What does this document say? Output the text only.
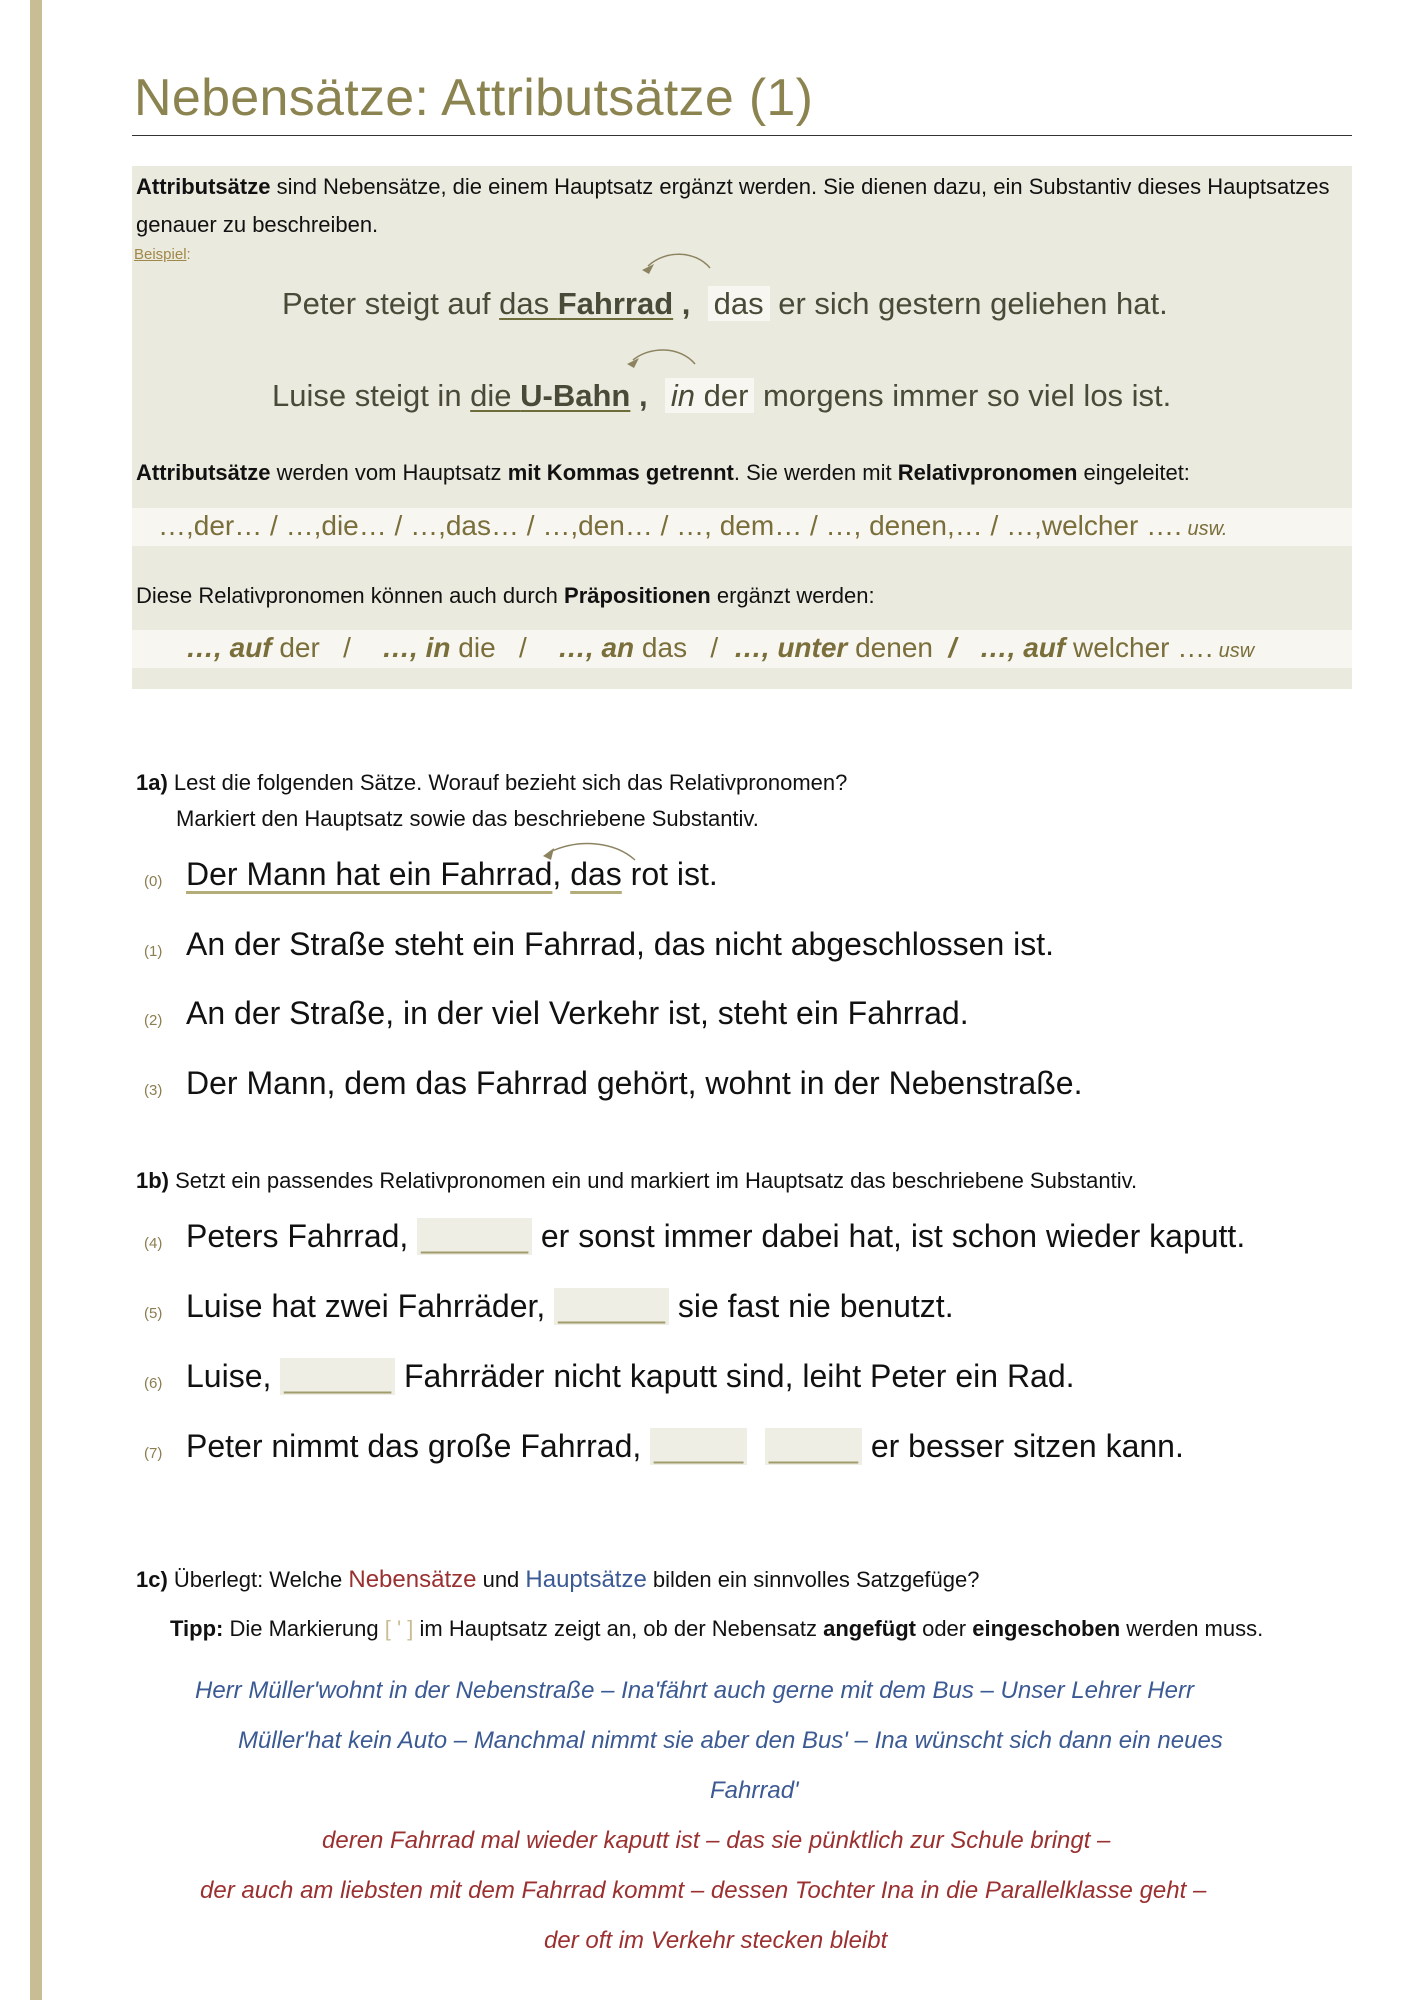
Nebensätze: Attributsätze (1)
Attributsätze sind Nebensätze, die einem Hauptsatz ergänzt werden. Sie dienen dazu, ein Substantiv dieses Hauptsatzes genauer zu beschreiben.
Beispiel:
Peter steigt auf das Fahrrad , das er sich gestern geliehen hat.
Luise steigt in die U-Bahn , in der morgens immer so viel los ist.
Attributsätze werden vom Hauptsatz mit Kommas getrennt. Sie werden mit Relativpronomen eingeleitet:
…,der… / …,die… / …,das… / …,den… / …, dem… / …, denen,… / …,welcher …. usw.
Diese Relativpronomen können auch durch Präpositionen ergänzt werden:
…, auf der   /    …, in die   /    …, an das   /  …, unter denen / …, auf welcher …. usw
1a) Lest die folgenden Sätze. Worauf bezieht sich das Relativpronomen?
Markiert den Hauptsatz sowie das beschriebene Substantiv.
(0) Der Mann hat ein Fahrrad, das rot ist.
(1) An der Straße steht ein Fahrrad, das nicht abgeschlossen ist.
(2) An der Straße, in der viel Verkehr ist, steht ein Fahrrad.
(3) Der Mann, dem das Fahrrad gehört, wohnt in der Nebenstraße.
1b) Setzt ein passendes Relativpronomen ein und markiert im Hauptsatz das beschriebene Substantiv.
(4) Peters Fahrrad, ______ er sonst immer dabei hat, ist schon wieder kaputt.
(5) Luise hat zwei Fahrräder, ______ sie fast nie benutzt.
(6) Luise, ______ Fahrräder nicht kaputt sind, leiht Peter ein Rad.
(7) Peter nimmt das große Fahrrad, _____ _____ er besser sitzen kann.
1c) Überlegt: Welche Nebensätze und Hauptsätze bilden ein sinnvolles Satzgefüge?
Tipp: Die Markierung [ ' ] im Hauptsatz zeigt an, ob der Nebensatz angefügt oder eingeschoben werden muss.
Herr Müller'wohnt in der Nebenstraße – Ina'fährt auch gerne mit dem Bus – Unser Lehrer Herr
Müller'hat kein Auto – Manchmal nimmt sie aber den Bus' – Ina wünscht sich dann ein neues
Fahrrad'
deren Fahrrad mal wieder kaputt ist – das sie pünktlich zur Schule bringt –
der auch am liebsten mit dem Fahrrad kommt – dessen Tochter Ina in die Parallelklasse geht –
der oft im Verkehr stecken bleibt
